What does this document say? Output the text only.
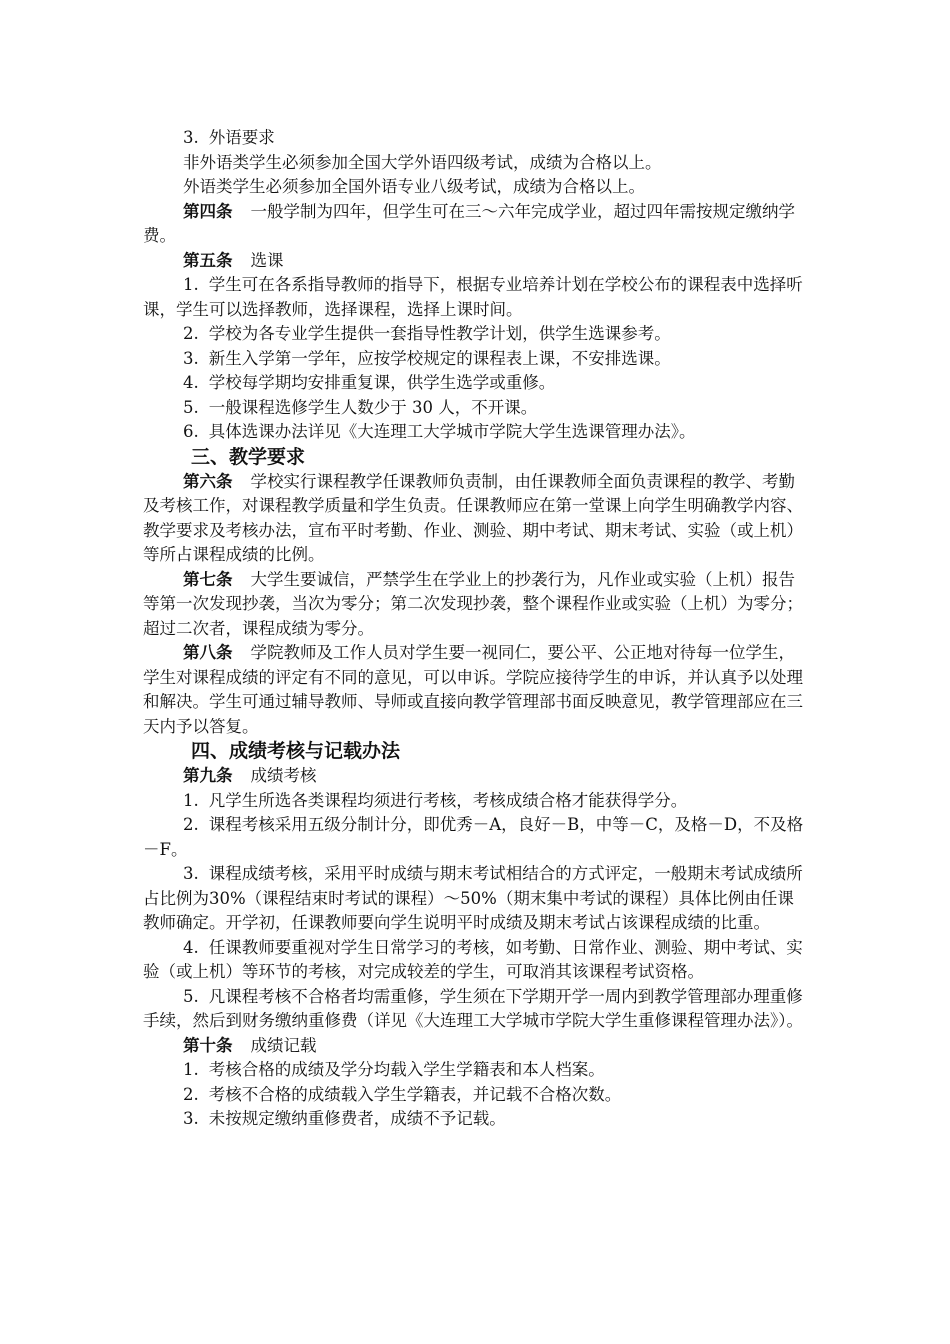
3. 外语要求

非外语类学生必须参加全国大学外语四级考试，成绩为合格以上。

外语类学生必须参加全国外语专业八级考试，成绩为合格以上。

第四条 一般学制为四年，但学生可在三～六年完成学业，超过四年需按规定缴纳学费。

第五条 选课

1. 学生可在各系指导教师的指导下，根据专业培养计划在学校公布的课程表中选择听课，学生可以选择教师，选择课程，选择上课时间。

2. 学校为各专业学生提供一套指导性教学计划，供学生选课参考。

3. 新生入学第一学年，应按学校规定的课程表上课，不安排选课。

4. 学校每学期均安排重复课，供学生选学或重修。

5. 一般课程选修学生人数少于 30 人，不开课。

6. 具体选课办法详见《大连理工大学城市学院大学生选课管理办法》。

三、教学要求

第六条 学校实行课程教学任课教师负责制，由任课教师全面负责课程的教学、考勤及考核工作，对课程教学质量和学生负责。任课教师应在第一堂课上向学生明确教学内容、教学要求及考核办法，宣布平时考勤、作业、测验、期中考试、期末考试、实验（或上机）等所占课程成绩的比例。

第七条 大学生要诚信，严禁学生在学业上的抄袭行为，凡作业或实验（上机）报告等第一次发现抄袭，当次为零分；第二次发现抄袭，整个课程作业或实验（上机）为零分；超过二次者，课程成绩为零分。

第八条 学院教师及工作人员对学生要一视同仁，要公平、公正地对待每一位学生，学生对课程成绩的评定有不同的意见，可以申诉。学院应接待学生的申诉，并认真予以处理和解决。学生可通过辅导教师、导师或直接向教学管理部书面反映意见，教学管理部应在三天内予以答复。

四、成绩考核与记载办法

第九条 成绩考核

1. 凡学生所选各类课程均须进行考核，考核成绩合格才能获得学分。

2. 课程考核采用五级分制计分，即优秀－A，良好－B，中等－C，及格－D，不及格－F。

3. 课程成绩考核，采用平时成绩与期末考试相结合的方式评定，一般期末考试成绩所占比例为30%（课程结束时考试的课程）～50%（期末集中考试的课程）具体比例由任课教师确定。开学初，任课教师要向学生说明平时成绩及期末考试占该课程成绩的比重。

4. 任课教师要重视对学生日常学习的考核，如考勤、日常作业、测验、期中考试、实验（或上机）等环节的考核，对完成较差的学生，可取消其该课程考试资格。

5. 凡课程考核不合格者均需重修，学生须在下学期开学一周内到教学管理部办理重修手续，然后到财务缴纳重修费（详见《大连理工大学城市学院大学生重修课程管理办法》）。

第十条 成绩记载

1. 考核合格的成绩及学分均载入学生学籍表和本人档案。

2. 考核不合格的成绩载入学生学籍表，并记载不合格次数。

3. 未按规定缴纳重修费者，成绩不予记载。
